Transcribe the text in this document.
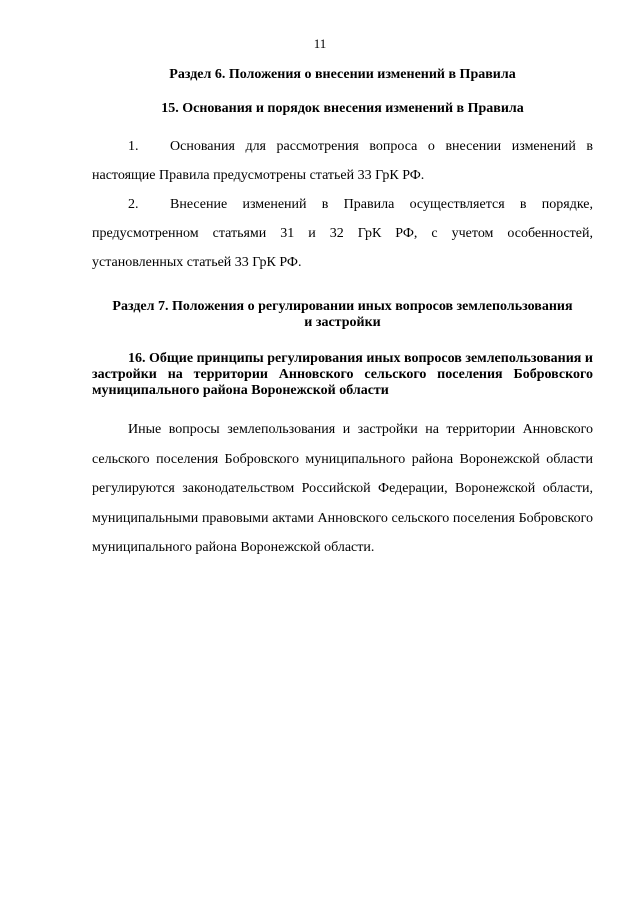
11
Раздел 6. Положения о внесении изменений в Правила
15. Основания и порядок внесения изменений в Правила

1. Основания для рассмотрения вопроса о внесении изменений в настоящие Правила предусмотрены статьей 33 ГрК РФ.

2. Внесение изменений в Правила осуществляется в порядке, предусмотренном статьями 31 и 32 ГрК РФ, с учетом особенностей, установленных статьей 33 ГрК РФ.

Раздел 7. Положения о регулировании иных вопросов землепользования
и застройки
16. Общие принципы регулирования иных вопросов землепользования и застройки на территории Анновского сельского поселения Бобровского муниципального района Воронежской области

Иные вопросы землепользования и застройки на территории Анновского сельского поселения Бобровского муниципального района Воронежской области регулируются законодательством Российской Федерации, Воронежской области, муниципальными правовыми актами Анновского сельского поселения Бобровского муниципального района Воронежской области.
